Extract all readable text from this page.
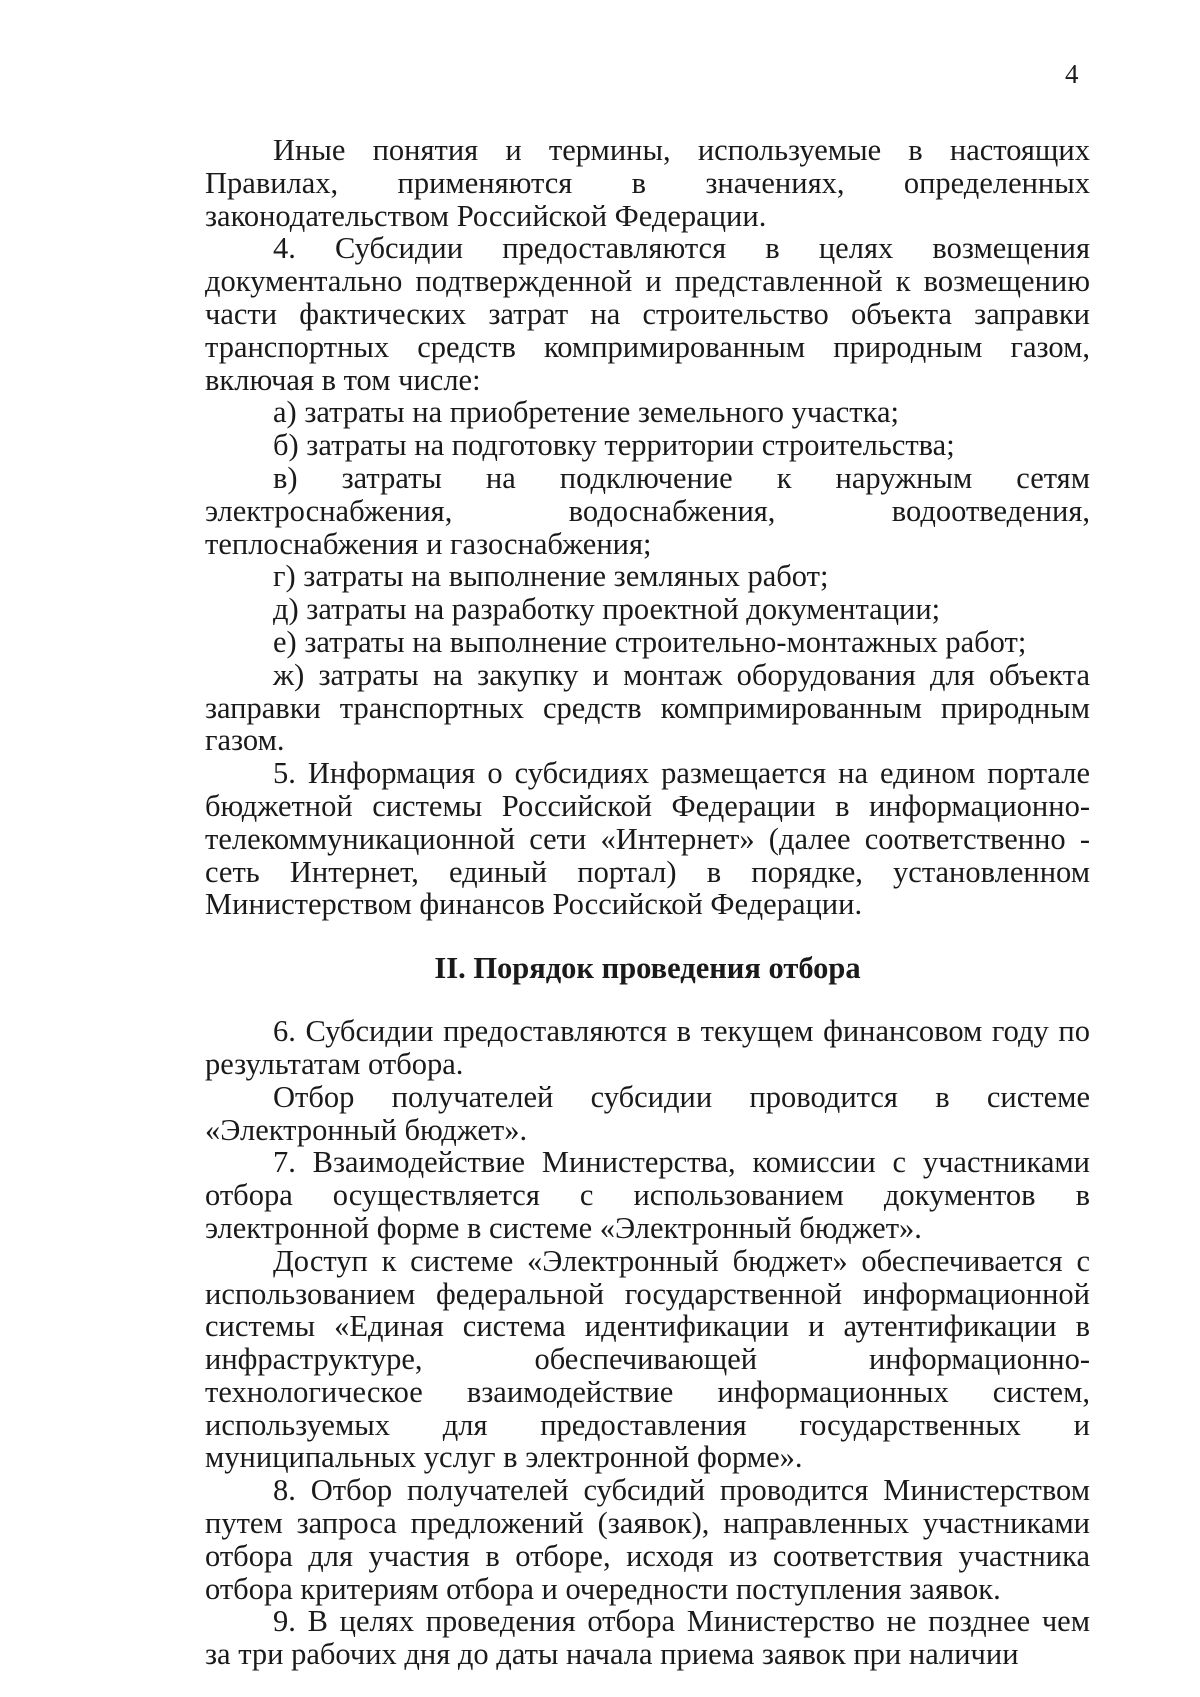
4

Иные понятия и термины, используемые в настоящих Правилах, применяются в значениях, определенных законодательством Российской Федерации.

4. Субсидии предоставляются в целях возмещения документально подтвержденной и представленной к возмещению части фактических затрат на строительство объекта заправки транспортных средств компримированным природным газом, включая в том числе:

а) затраты на приобретение земельного участка;

б) затраты на подготовку территории строительства;

в) затраты на подключение к наружным сетям электроснабжения, водоснабжения, водоотведения, теплоснабжения и газоснабжения;

г) затраты на выполнение земляных работ;

д) затраты на разработку проектной документации;

е) затраты на выполнение строительно-монтажных работ;

ж) затраты на закупку и монтаж оборудования для объекта заправки транспортных средств компримированным природным газом.

5. Информация о субсидиях размещается на едином портале бюджетной системы Российской Федерации в информационно-телекоммуникационной сети «Интернет» (далее соответственно - сеть Интернет, единый портал) в порядке, установленном Министерством финансов Российской Федерации.

II. Порядок проведения отбора

6. Субсидии предоставляются в текущем финансовом году по результатам отбора.

Отбор получателей субсидии проводится в системе «Электронный бюджет».

7. Взаимодействие Министерства, комиссии с участниками отбора осуществляется с использованием документов в электронной форме в системе «Электронный бюджет».

Доступ к системе «Электронный бюджет» обеспечивается с использованием федеральной государственной информационной системы «Единая система идентификации и аутентификации в инфраструктуре, обеспечивающей информационно-технологическое взаимодействие информационных систем, используемых для предоставления государственных и муниципальных услуг в электронной форме».

8. Отбор получателей субсидий проводится Министерством путем запроса предложений (заявок), направленных участниками отбора для участия в отборе, исходя из соответствия участника отбора критериям отбора и очередности поступления заявок.

9. В целях проведения отбора Министерство не позднее чем за три рабочих дня до даты начала приема заявок при наличии
